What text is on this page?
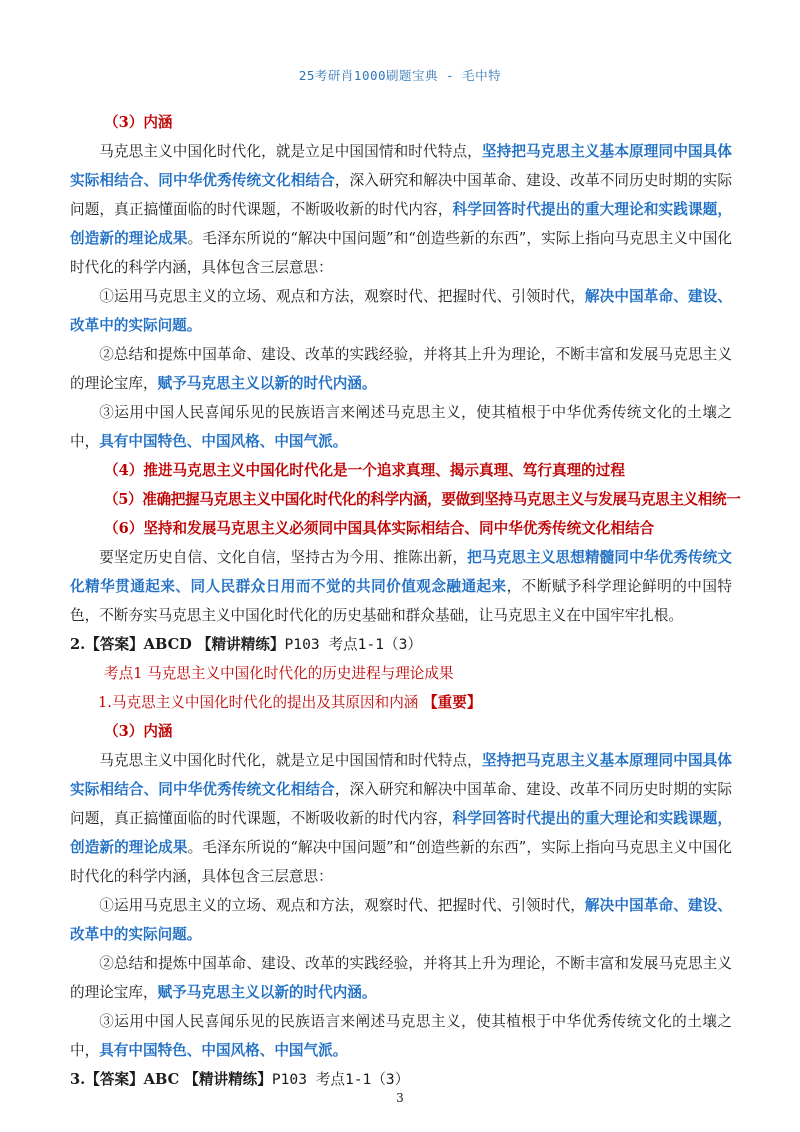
25考研肖1000刷题宝典 - 毛中特

（3）内涵

马克思主义中国化时代化，就是立足中国国情和时代特点，坚持把马克思主义基本原理同中国具体实际相结合、同中华优秀传统文化相结合，深入研究和解决中国革命、建设、改革不同历史时期的实际问题，真正搞懂面临的时代课题，不断吸收新的时代内容，科学回答时代提出的重大理论和实践课题，创造新的理论成果。毛泽东所说的“解决中国问题”和“创造些新的东西”，实际上指向马克思主义中国化时代化的科学内涵，具体包含三层意思：

①运用马克思主义的立场、观点和方法，观察时代、把握时代、引领时代，解决中国革命、建设、改革中的实际问题。

②总结和提炼中国革命、建设、改革的实践经验，并将其上升为理论，不断丰富和发展马克思主义的理论宝库，赋予马克思主义以新的时代内涵。

③运用中国人民喜闻乐见的民族语言来阐述马克思主义，使其植根于中华优秀传统文化的土壤之中，具有中国特色、中国风格、中国气派。

（4）推进马克思主义中国化时代化是一个追求真理、揭示真理、笃行真理的过程

（5）准确把握马克思主义中国化时代化的科学内涵，要做到坚持马克思主义与发展马克思主义相统一

（6）坚持和发展马克思主义必须同中国具体实际相结合、同中华优秀传统文化相结合

要坚定历史自信、文化自信，坚持古为今用、推陈出新，把马克思主义思想精髓同中华优秀传统文化精华贯通起来、同人民群众日用而不觉的共同价值观念融通起来，不断赋予科学理论鲜明的中国特色，不断夯实马克思主义中国化时代化的历史基础和群众基础，让马克思主义在中国牢牢扎根。

2.【答案】ABCD 【精讲精练】P103 考点1-1（3）

考点1 马克思主义中国化时代化的历史进程与理论成果

1.马克思主义中国化时代化的提出及其原因和内涵 【重要】

（3）内涵

马克思主义中国化时代化，就是立足中国国情和时代特点，坚持把马克思主义基本原理同中国具体实际相结合、同中华优秀传统文化相结合，深入研究和解决中国革命、建设、改革不同历史时期的实际问题，真正搞懂面临的时代课题，不断吸收新的时代内容，科学回答时代提出的重大理论和实践课题，创造新的理论成果。毛泽东所说的“解决中国问题”和“创造些新的东西”，实际上指向马克思主义中国化时代化的科学内涵，具体包含三层意思：

①运用马克思主义的立场、观点和方法，观察时代、把握时代、引领时代，解决中国革命、建设、改革中的实际问题。

②总结和提炼中国革命、建设、改革的实践经验，并将其上升为理论，不断丰富和发展马克思主义的理论宝库，赋予马克思主义以新的时代内涵。

③运用中国人民喜闻乐见的民族语言来阐述马克思主义，使其植根于中华优秀传统文化的土壤之中，具有中国特色、中国风格、中国气派。

3.【答案】ABC 【精讲精练】P103 考点1-1（3）

3
